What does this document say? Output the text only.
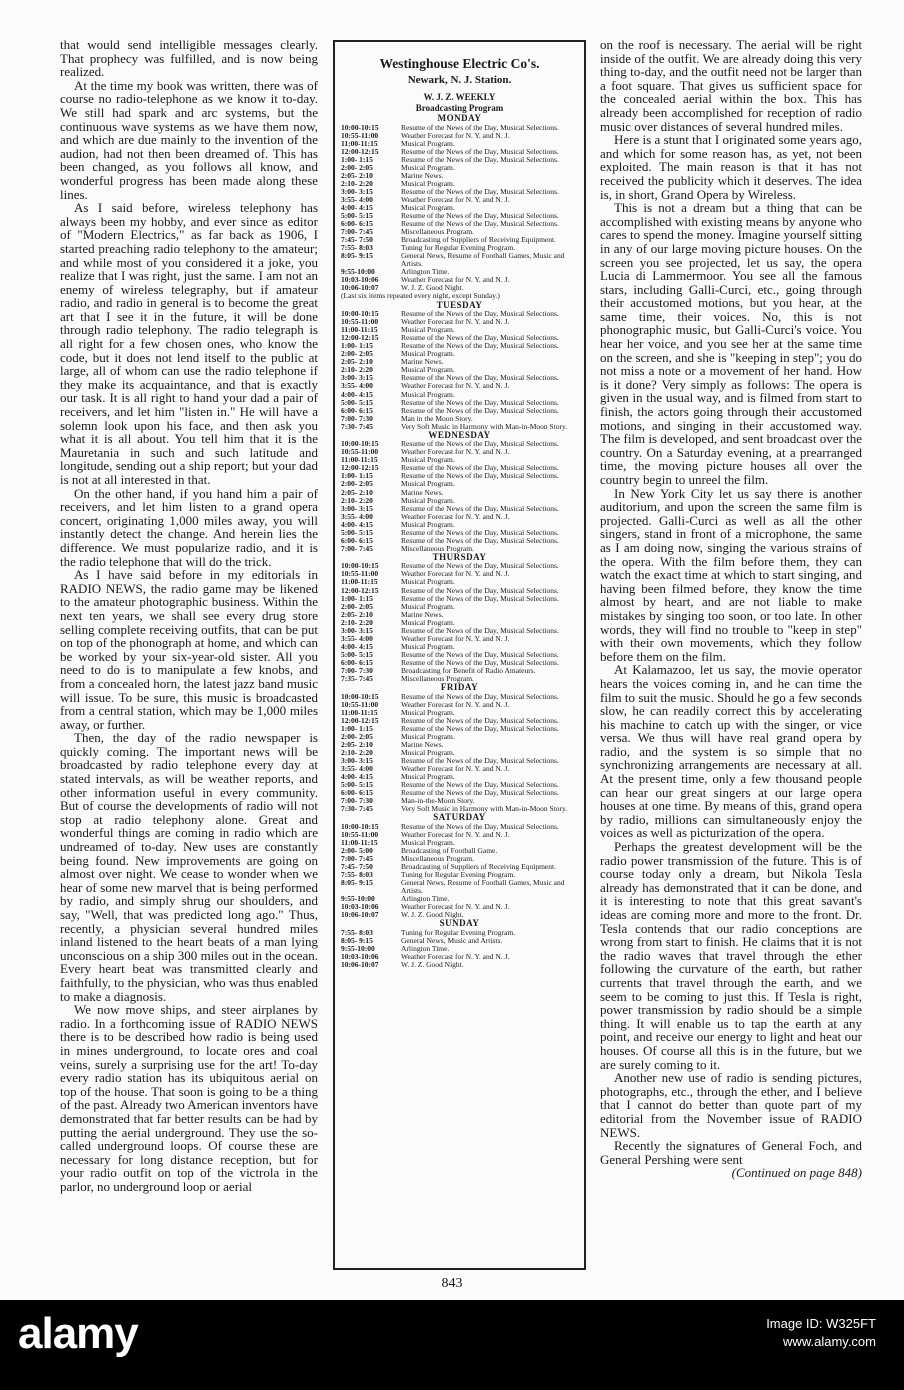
that would send intelligible messages clearly. That prophecy was fulfilled, and is now being realized.

At the time my book was written, there was of course no radio-telephone as we know it to-day. We still had spark and arc systems, but the continuous wave systems as we have them now, and which are due mainly to the invention of the audion, had not then been dreamed of. This has been changed, as you follows all know, and wonderful progress has been made along these lines.

As I said before, wireless telephony has always been my hobby, and ever since as editor of "Modern Electrics," as far back as 1906, I started preaching radio telephony to the amateur; and while most of you considered it a joke, you realize that I was right, just the same. I am not an enemy of wireless telegraphy, but if amateur radio, and radio in general is to become the great art that I see it in the future, it will be done through radio telephony. The radio telegraph is all right for a few chosen ones, who know the code, but it does not lend itself to the public at large, all of whom can use the radio telephone if they make its acquaintance, and that is exactly our task. It is all right to hand your dad a pair of receivers, and let him "listen in." He will have a solemn look upon his face, and then ask you what it is all about. You tell him that it is the Mauretania in such and such latitude and longitude, sending out a ship report; but your dad is not at all interested in that.

On the other hand, if you hand him a pair of receivers, and let him listen to a grand opera concert, originating 1,000 miles away, you will instantly detect the change. And herein lies the difference. We must popularize radio, and it is the radio telephone that will do the trick.

As I have said before in my editorials in RADIO NEWS, the radio game may be likened to the amateur photographic business. Within the next ten years, we shall see every drug store selling complete receiving outfits, that can be put on top of the phonograph at home, and which can be worked by your six-year-old sister. All you need to do is to manipulate a few knobs, and from a concealed horn, the latest jazz band music will issue. To be sure, this music is broadcasted from a central station, which may be 1,000 miles away, or further.

Then, the day of the radio newspaper is quickly coming. The important news will be broadcasted by radio telephone every day at stated intervals, as will be weather reports, and other information useful in every community. But of course the developments of radio will not stop at radio telephony alone. Great and wonderful things are coming in radio which are undreamed of to-day. New uses are constantly being found. New improvements are going on almost over night. We cease to wonder when we hear of some new marvel that is being performed by radio, and simply shrug our shoulders, and say, "Well, that was predicted long ago." Thus, recently, a physician several hundred miles inland listened to the heart beats of a man lying unconscious on a ship 300 miles out in the ocean. Every heart beat was transmitted clearly and faithfully, to the physician, who was thus enabled to make a diagnosis.

We now move ships, and steer airplanes by radio. In a forthcoming issue of RADIO NEWS there is to be described how radio is being used in mines underground, to locate ores and coal veins, surely a surprising use for the art! To-day every radio station has its ubiquitous aerial on top of the house. That soon is going to be a thing of the past. Already two American inventors have demonstrated that far better results can be had by putting the aerial underground. They use the so-called underground loops. Of course these are necessary for long distance reception, but for your radio outfit on top of the victrola in the parlor, no underground loop or aerial

Westinghouse Electric Co's.
Newark, N. J. Station.
W. J. Z. WEEKLY
Broadcasting Program
MONDAY
10:00-10:15	Resume of the News of the Day, Musical Selections.
10:55-11:00	Weather Forecast for N. Y. and N. J.
11:00-11:15	Musical Program.
12:00-12:15	Resume of the News of the Day, Musical Selections.
1:00- 1:15	Resume of the News of the Day, Musical Selections.
2:00- 2:05	Musical Program.
2:05- 2:10	Marine News.
2:10- 2:20	Musical Program.
3:00- 3:15	Resume of the News of the Day, Musical Selections.
3:55- 4:00	Weather Forecast for N. Y. and N. J.
4:00- 4:15	Musical Program.
5:00- 5:15	Resume of the News of the Day, Musical Selections.
6:00- 6:15	Resume of the News of the Day, Musical Selections.
7:00- 7:45	Miscellaneous Program.
7:45- 7:50	Broadcasting of Suppliers of Receiving Equipment.
7:55- 8:03	Tuning for Regular Evening Program.
8:05- 9:15	General News, Resume of Football Games, Music and Artists.
9:55-10:00	Arlington Time.
10:03-10:06	Weather Forecast for N. Y. and N. J.
10:06-10:07	W. J. Z. Good Night.
(Last six items repeated every night, except Sunday.)
TUESDAY
10:00-10:15	Resume of the News of the Day, Musical Selections.
10:55-11:00	Weather Forecast for N. Y. and N. J.
11:00-11:15	Musical Program.
12:00-12:15	Resume of the News of the Day, Musical Selections.
1:00- 1:15	Resume of the News of the Day, Musical Selections.
2:00- 2:05	Musical Program.
2:05- 2:10	Marine News.
2:10- 2:20	Musical Program.
3:00- 3:15	Resume of the News of the Day, Musical Selections.
3:55- 4:00	Weather Forecast for N. Y. and N. J.
4:00- 4:15	Musical Program.
5:00- 5:15	Resume of the News of the Day, Musical Selections.
6:00- 6:15	Resume of the News of the Day, Musical Selections.
7:00- 7:30	Man in the Moon Story.
7:30- 7:45	Very Soft Music in Harmony with Man-in-Moon Story.
WEDNESDAY
10:00-10:15	Resume of the News of the Day, Musical Selections.
10:55-11:00	Weather Forecast for N. Y. and N. J.
11:00-11:15	Musical Program.
12:00-12:15	Resume of the News of the Day, Musical Selections.
1:00- 1:15	Resume of the News of the Day, Musical Selections.
2:00- 2:05	Musical Program.
2:05- 2:10	Marine News.
2:10- 2:20	Musical Program.
3:00- 3:15	Resume of the News of the Day, Musical Selections.
3:55- 4:00	Weather Forecast for N. Y. and N. J.
4:00- 4:15	Musical Program.
5:00- 5:15	Resume of the News of the Day, Musical Selections.
6:00- 6:15	Resume of the News of the Day, Musical Selections.
7:00- 7:45	Miscellaneous Program.
THURSDAY
10:00-10:15	Resume of the News of the Day, Musical Selections.
10:55-11:00	Weather Forecast for N. Y. and N. J.
11:00-11:15	Musical Program.
12:00-12:15	Resume of the News of the Day, Musical Selections.
1:00- 1:15	Resume of the News of the Day, Musical Selections.
2:00- 2:05	Musical Program.
2:05- 2:10	Marine News.
2:10- 2:20	Musical Program.
3:00- 3:15	Resume of the News of the Day, Musical Selections.
3:55- 4:00	Weather Forecast for N. Y. and N. J.
4:00- 4:15	Musical Program.
5:00- 5:15	Resume of the News of the Day, Musical Selections.
6:00- 6:15	Resume of the News of the Day, Musical Selections.
7:00- 7:30	Broadcasting for Benefit of Radio Amateurs.
7:35- 7:45	Miscellaneous Program.
FRIDAY
10:00-10:15	Resume of the News of the Day, Musical Selections.
10:55-11:00	Weather Forecast for N. Y. and N. J.
11:00-11:15	Musical Program.
12:00-12:15	Resume of the News of the Day, Musical Selections.
1:00- 1:15	Resume of the News of the Day, Musical Selections.
2:00- 2:05	Musical Program.
2:05- 2:10	Marine News.
2:10- 2:20	Musical Program.
3:00- 3:15	Resume of the News of the Day, Musical Selections.
3:55- 4:00	Weather Forecast for N. Y. and N. J.
4:00- 4:15	Musical Program.
5:00- 5:15	Resume of the News of the Day, Musical Selections.
6:00- 6:15	Resume of the News of the Day, Musical Selections.
7:00- 7:30	Man-in-the-Moon Story.
7:30- 7:45	Very Soft Music in Harmony with Man-in-Moon Story.
SATURDAY
10:00-10:15	Resume of the News of the Day, Musical Selections.
10:55-11:00	Weather Forecast for N. Y. and N. J.
11:00-11:15	Musical Program.
2:00- 5:00	Broadcasting of Football Game.
7:00- 7:45	Miscellaneous Program.
7:45- 7:50	Broadcasting of Suppliers of Receiving Equipment.
7:55- 8:03	Tuning for Regular Evening Program.
8:05- 9:15	General News, Resume of Football Games, Music and Artists.
9:55-10:00	Arlington Time.
10:03-10:06	Weather Forecast for N. Y. and N. J.
10:06-10:07	W. J. Z. Good Night.
SUNDAY
7:55- 8:03	Tuning for Regular Evening Program.
8:05- 9:15	General News, Music and Artists.
9:55-10:00	Arlington Time.
10:03-10:06	Weather Forecast for N. Y. and N. J.
10:06-10:07	W. J. Z. Good Night.

on the roof is necessary. The aerial will be right inside of the outfit. We are already doing this very thing to-day, and the outfit need not be larger than a foot square. That gives us sufficient space for the concealed aerial within the box. This has already been accomplished for reception of radio music over distances of several hundred miles.

Here is a stunt that I originated some years ago, and which for some reason has, as yet, not been exploited. The main reason is that it has not received the publicity which it deserves. The idea is, in short, Grand Opera by Wireless.

This is not a dream but a thing that can be accomplished with existing means by anyone who cares to spend the money. Imagine yourself sitting in any of our large moving picture houses. On the screen you see projected, let us say, the opera Lucia di Lammermoor. You see all the famous stars, including Galli-Curci, etc., going through their accustomed motions, but you hear, at the same time, their voices. No, this is not phonographic music, but Galli-Curci's voice. You hear her voice, and you see her at the same time on the screen, and she is "keeping in step"; you do not miss a note or a movement of her hand. How is it done? Very simply as follows: The opera is given in the usual way, and is filmed from start to finish, the actors going through their accustomed motions, and singing in their accustomed way. The film is developed, and sent broadcast over the country. On a Saturday evening, at a prearranged time, the moving picture houses all over the country begin to unreel the film.

In New York City let us say there is another auditorium, and upon the screen the same film is projected. Galli-Curci as well as all the other singers, stand in front of a microphone, the same as I am doing now, singing the various strains of the opera. With the film before them, they can watch the exact time at which to start singing, and having been filmed before, they know the time almost by heart, and are not liable to make mistakes by singing too soon, or too late. In other words, they will find no trouble to "keep in step" with their own movements, which they follow before them on the film.

At Kalamazoo, let us say, the movie operator hears the voices coming in, and he can time the film to suit the music. Should he go a few seconds slow, he can readily correct this by accelerating his machine to catch up with the singer, or vice versa. We thus will have real grand opera by radio, and the system is so simple that no synchronizing arrangements are necessary at all. At the present time, only a few thousand people can hear our great singers at our large opera houses at one time. By means of this, grand opera by radio, millions can simultaneously enjoy the voices as well as picturization of the opera.

Perhaps the greatest development will be the radio power transmission of the future. This is of course today only a dream, but Nikola Tesla already has demonstrated that it can be done, and it is interesting to note that this great savant's ideas are coming more and more to the front. Dr. Tesla contends that our radio conceptions are wrong from start to finish. He claims that it is not the radio waves that travel through the ether following the curvature of the earth, but rather currents that travel through the earth, and we seem to be coming to just this. If Tesla is right, power transmission by radio should be a simple thing. It will enable us to tap the earth at any point, and receive our energy to light and heat our houses. Of course all this is in the future, but we are surely coming to it.

Another new use of radio is sending pictures, photographs, etc., through the ether, and I believe that I cannot do better than quote part of my editorial from the November issue of RADIO NEWS.

Recently the signatures of General Foch, and General Pershing were sent

(Continued on page 848)

843
alamy	Image ID: W325FT
www.alamy.com
